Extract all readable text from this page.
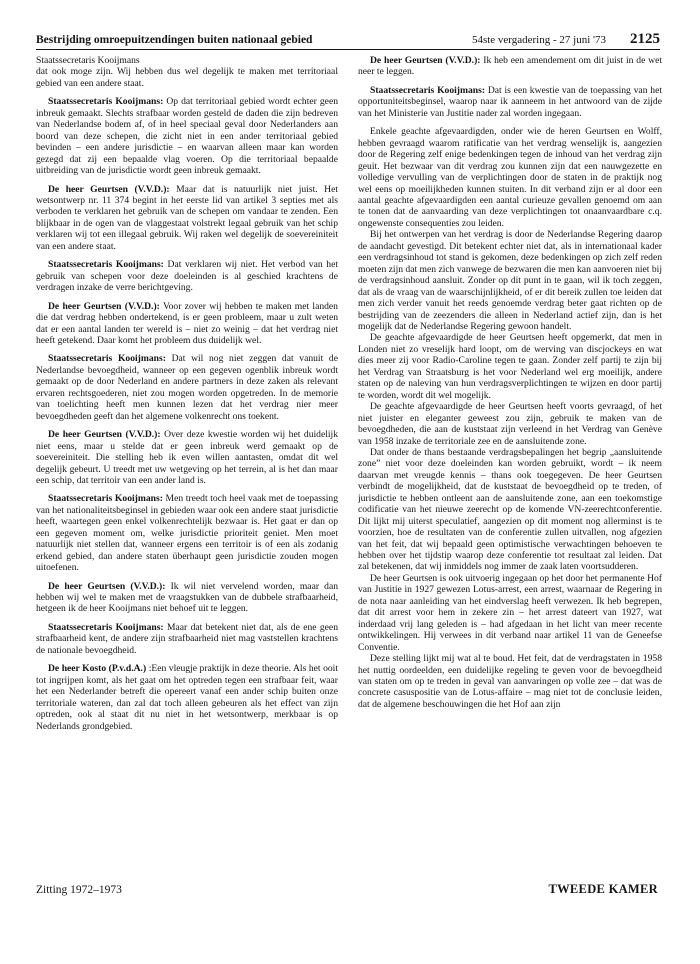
Bestrijding omroepuitzendingen buiten nationaal gebied	54ste vergadering - 27 juni '73 2125
Staatssecretaris Kooijmans

dat ook moge zijn. Wij hebben dus wel degelijk te maken met territoriaal gebied van een andere staat.

Staatssecretaris Kooijmans: Op dat territoriaal gebied wordt echter geen inbreuk gemaakt. Slechts strafbaar worden gesteld de daden die zijn bedreven van Nederlandse bodem af, of in heel speciaal geval door Nederlanders aan boord van deze schepen, die zicht niet in een ander territoriaal gebied bevinden – een andere jurisdictie – en waarvan alleen maar kan worden gezegd dat zij een bepaalde vlag voeren. Op die territoriaal bepaalde uitbreiding van de jurisdictie wordt geen inbreuk gemaakt.

De heer Geurtsen (V.V.D.): Maar dat is natuurlijk niet juist. Het wetsontwerp nr. 11 374 begint in het eerste lid van artikel 3 septies met als verboden te verklaren het gebruik van de schepen om vandaar te zenden. Een blijkbaar in de ogen van de vlaggestaat volstrekt legaal gebruik van het schip verklaren wij tot een illegaal gebruik. Wij raken wel degelijk de soevereiniteit van een andere staat.

Staatssecretaris Kooijmans: Dat verklaren wij niet. Het verbod van het gebruik van schepen voor deze doeleinden is al geschied krachtens de verdragen inzake de verre berichtgeving.

De heer Geurtsen (V.V.D.): Voor zover wij hebben te maken met landen die dat verdrag hebben ondertekend, is er geen probleem, maar u zult weten dat er een aantal landen ter wereld is – niet zo weinig – dat het verdrag niet heeft getekend. Daar komt het probleem dus duidelijk wel.

Staatssecretaris Kooijmans: Dat wil nog niet zeggen dat vanuit de Nederlandse bevoegdheid, wanneer op een gegeven ogenblik inbreuk wordt gemaakt op de door Nederland en andere partners in deze zaken als relevant ervaren rechtsgoederen, niet zou mogen worden opgetreden. In de memorie van toelichting heeft men kunnen lezen dat het verdrag nier meer bevoegdheden geeft dan het algemene volkenrecht ons toekent.

De heer Geurtsen (V.V.D.): Over deze kwestie worden wij het duidelijk niet eens, maar u stelde dat er geen inbreuk werd gemaakt op de soevereiniteit. Die stelling heb ik even willen aantasten, omdat dit wel degelijk gebeurt. U treedt met uw wetgeving op het terrein, al is het dan maar een schip, dat territoir van een ander land is.

Staatssecretaris Kooijmans: Men treedt toch heel vaak met de toepassing van het nationaliteitsbeginsel in gebieden waar ook een andere staat jurisdictie heeft, waartegen geen enkel volkenrechtelijk bezwaar is. Het gaat er dan op een gegeven moment om, welke jurisdictie prioriteit geniet. Men moet natuurlijk niet stellen dat, wanneer ergens een territoir is of een als zodanig erkend gebied, dan andere staten überhaupt geen jurisdictie zouden mogen uitoefenen.

De heer Geurtsen (V.V.D.): Ik wil niet vervelend worden, maar dan hebben wij wel te maken met de vraagstukken van de dubbele strafbaarheid, hetgeen ik de heer Kooijmans niet behoef uit te leggen.

Staatssecretaris Kooijmans: Maar dat betekent niet dat, als de ene geen strafbaarheid kent, de andere zijn strafbaarheid niet mag vaststellen krachtens de nationale bevoegdheid.

De heer Kosto (P.v.d.A.) :Een vleugje praktijk in deze theorie. Als het ooit tot ingrijpen komt, als het gaat om het optreden tegen een strafbaar feit, waar het een Nederlander betreft die opereert vanaf een ander schip buiten onze territoriale wateren, dan zal dat toch alleen gebeuren als het effect van zijn optreden, ook al staat dit nu niet in het wetsontwerp, merkbaar is op Nederlands grondgebied.

De heer Geurtsen (V.V.D.): Ik heb een amendement om dit juist in de wet neer te leggen.

Staatssecretaris Kooijmans: Dat is een kwestie van de toepassing van het opportuniteitsbeginsel, waarop naar ik aanneem in het antwoord van de zijde van het Ministerie van Justitie nader zal worden ingegaan.

Enkele geachte afgevaardigden, onder wie de heren Geurtsen en Wolff, hebben gevraagd waarom ratificatie van het verdrag wenselijk is, aangezien door de Regering zelf enige bedenkingen tegen de inhoud van het verdrag zijn geuit. Het bezwaar van dit verdrag zou kunnen zijn dat een nauwgezette en volledige vervulling van de verplichtingen door de staten in de praktijk nog wel eens op moeilijkheden kunnen stuiten. In dit verband zijn er al door een aantal geachte afgevaardigden een aantal curieuze gevallen genoemd om aan te tonen dat de aanvaarding van deze verplichtingen tot onaanvaardbare c.q. ongewenste consequenties zou leiden.

Bij het ontwerpen van het verdrag is door de Nederlandse Regering daarop de aandacht gevestigd. Dit betekent echter niet dat, als in internationaal kader een verdragsinhoud tot stand is gekomen, deze bedenkingen op zich zelf reden moeten zijn dat men zich vanwege de bezwaren die men kan aanvoeren niet bij de verdragsinhoud aansluit. Zonder op dit punt in te gaan, wil ik toch zeggen, dat als de vraag van de waarschijnlijkheid, of er dit bereik zullen toe leiden dat men zich verder vanuit het reeds genoemde verdrag beter gaat richten op de bestrijding van de zeezenders die alleen in Nederland actief zijn, dan is het mogelijk dat de Nederlandse Regering gewoon handelt.

De geachte afgevaardigde de heer Geurtsen heeft opgemerkt, dat men in Londen niet zo vreselijk hard loopt, om de werving van discjockeys en wat dies meer zij voor Radio-Caroline tegen te gaan. Zonder zelf partij te zijn bij het Verdrag van Straatsburg is het voor Nederland wel erg moeilijk, andere staten op de naleving van hun verdragsverplichtingen te wijzen en door partij te worden, wordt dit wel mogelijk.

De geachte afgevaardigde de heer Geurtsen heeft voorts gevraagd, of het niet juister en eleganter geweest zou zijn, gebruik te maken van de bevoegdheden, die aan de kuststaat zijn verleend in het Verdrag van Genève van 1958 inzake de territoriale zee en de aansluitende zone.

Dat onder de thans bestaande verdragsbepalingen het begrip „aansluitende zone” niet voor deze doeleinden kan worden gebruikt, wordt – ik neem daarvan met vreugde kennis – thans ook toegegeven. De heer Geurtsen verbindt de mogelijkheid, dat de kuststaat de bevoegdheid op te treden, of jurisdictie te hebben ontleent aan de aansluitende zone, aan een toekomstige codificatie van het nieuwe zeerecht op de komende VN-zeerechtconferentie. Dit lijkt mij uiterst speculatief, aangezien op dit moment nog allerminst is te voorzien, hoe de resultaten van de conferentie zullen uitvallen, nog afgezien van het feit, dat wij bepaald geen optimistische verwachtingen behoeven te hebben over het tijdstip waarop deze conferentie tot resultaat zal leiden. Dat zal betekenen, dat wij inmiddels nog immer de zaak laten voortsudderen.

De heer Geurtsen is ook uitvoerig ingegaan op het door het permanente Hof van Justitie in 1927 gewezen Lotus-arrest, een arrest, waarnaar de Regering in de nota naar aanleiding van het eindverslag heeft verwezen. Ik heb begrepen, dat dit arrest voor hem in zekere zin – het arrest dateert van 1927, wat inderdaad vrij lang geleden is – had afgedaan in het licht van meer recente ontwikkelingen. Hij verwees in dit verband naar artikel 11 van de Geneefse Conventie.

Deze stelling lijkt mij wat al te boud. Het feit, dat de verdragstaten in 1958 het nuttig oordeelden, een duidelijke regeling te geven voor de bevoegdheid van staten om op te treden in geval van aanvaringen op volle zee – dat was de concrete casuspositie van de Lotus-affaire – mag niet tot de conclusie leiden, dat de algemene beschouwingen die het Hof aan zijn

Zitting 1972–1973	TWEEDE KAMER
